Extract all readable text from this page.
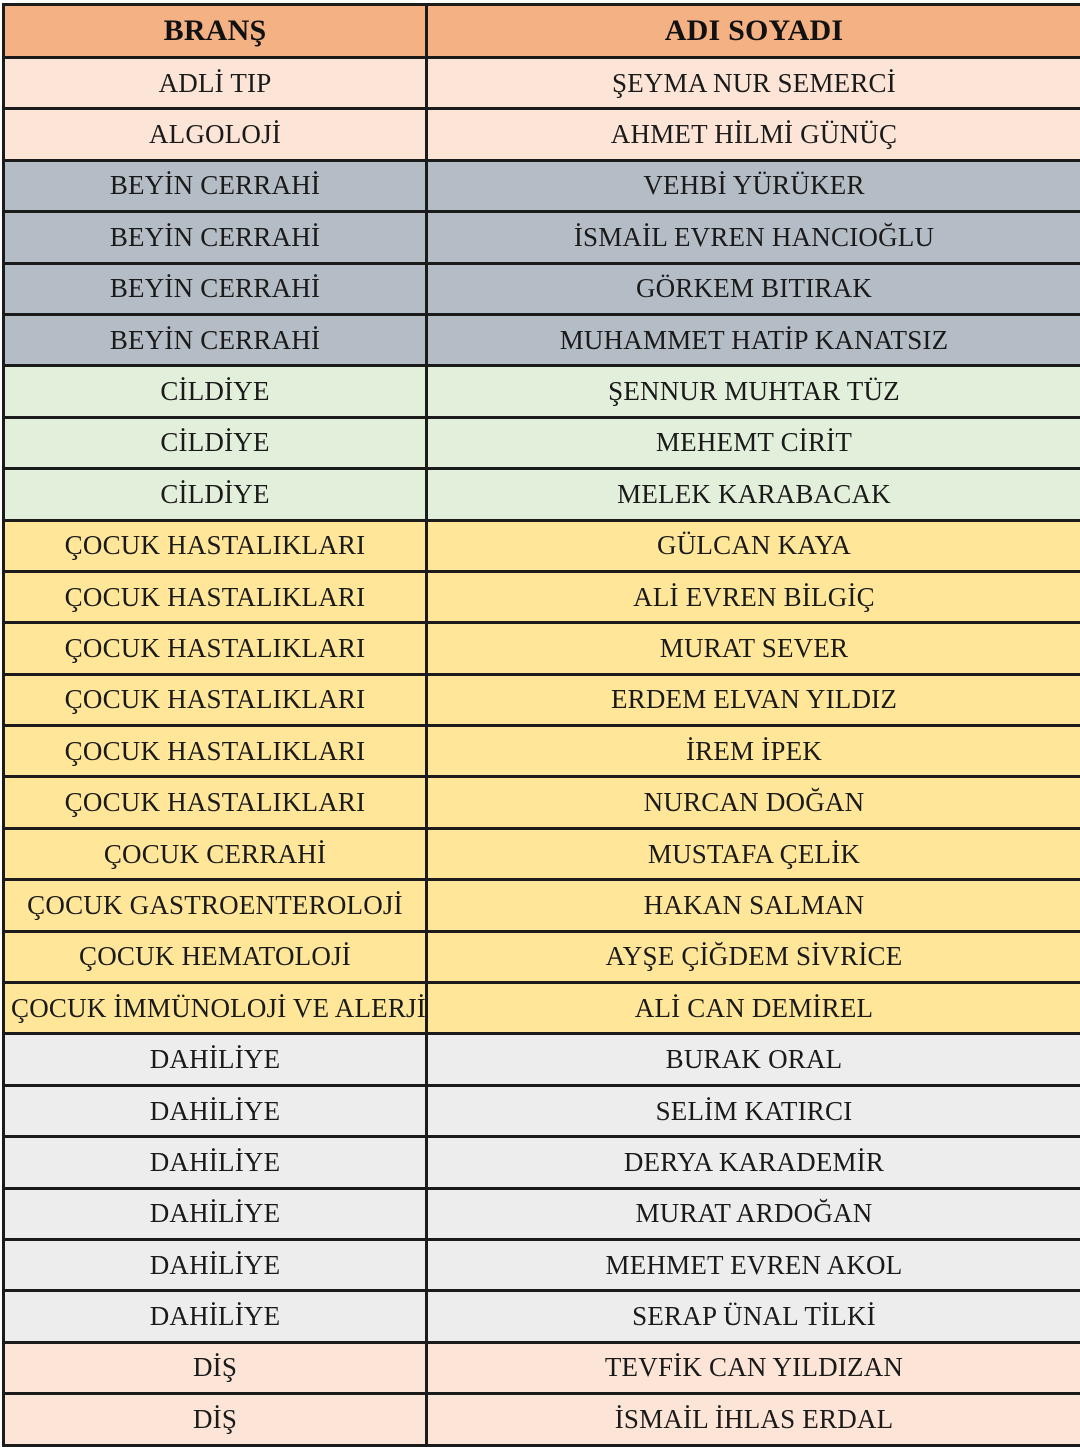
BRANŞ	ADI SOYADI
ADLİ TIP	ŞEYMA NUR SEMERCİ
ALGOLOJİ	AHMET HİLMİ GÜNÜÇ
BEYİN CERRAHİ	VEHBİ YÜRÜKER
BEYİN CERRAHİ	İSMAİL EVREN HANCIOĞLU
BEYİN CERRAHİ	GÖRKEM BITIRAK
BEYİN CERRAHİ	MUHAMMET HATİP KANATSIZ
CİLDİYE	ŞENNUR MUHTAR TÜZ
CİLDİYE	MEHEMT CİRİT
CİLDİYE	MELEK KARABACAK
ÇOCUK HASTALIKLARI	GÜLCAN KAYA
ÇOCUK HASTALIKLARI	ALİ EVREN BİLGİÇ
ÇOCUK HASTALIKLARI	MURAT SEVER
ÇOCUK HASTALIKLARI	ERDEM ELVAN YILDIZ
ÇOCUK HASTALIKLARI	İREM İPEK
ÇOCUK HASTALIKLARI	NURCAN DOĞAN
ÇOCUK CERRAHİ	MUSTAFA ÇELİK
ÇOCUK GASTROENTEROLOJİ	HAKAN SALMAN
ÇOCUK HEMATOLOJİ	AYŞE ÇİĞDEM SİVRİCE
ÇOCUK İMMÜNOLOJİ VE ALERJİ	ALİ CAN DEMİREL
DAHİLİYE	BURAK ORAL
DAHİLİYE	SELİM KATIRCI
DAHİLİYE	DERYA KARADEMİR
DAHİLİYE	MURAT ARDOĞAN
DAHİLİYE	MEHMET EVREN AKOL
DAHİLİYE	SERAP ÜNAL TİLKİ
DİŞ	TEVFİK CAN YILDIZAN
DİŞ	İSMAİL İHLAS ERDAL
